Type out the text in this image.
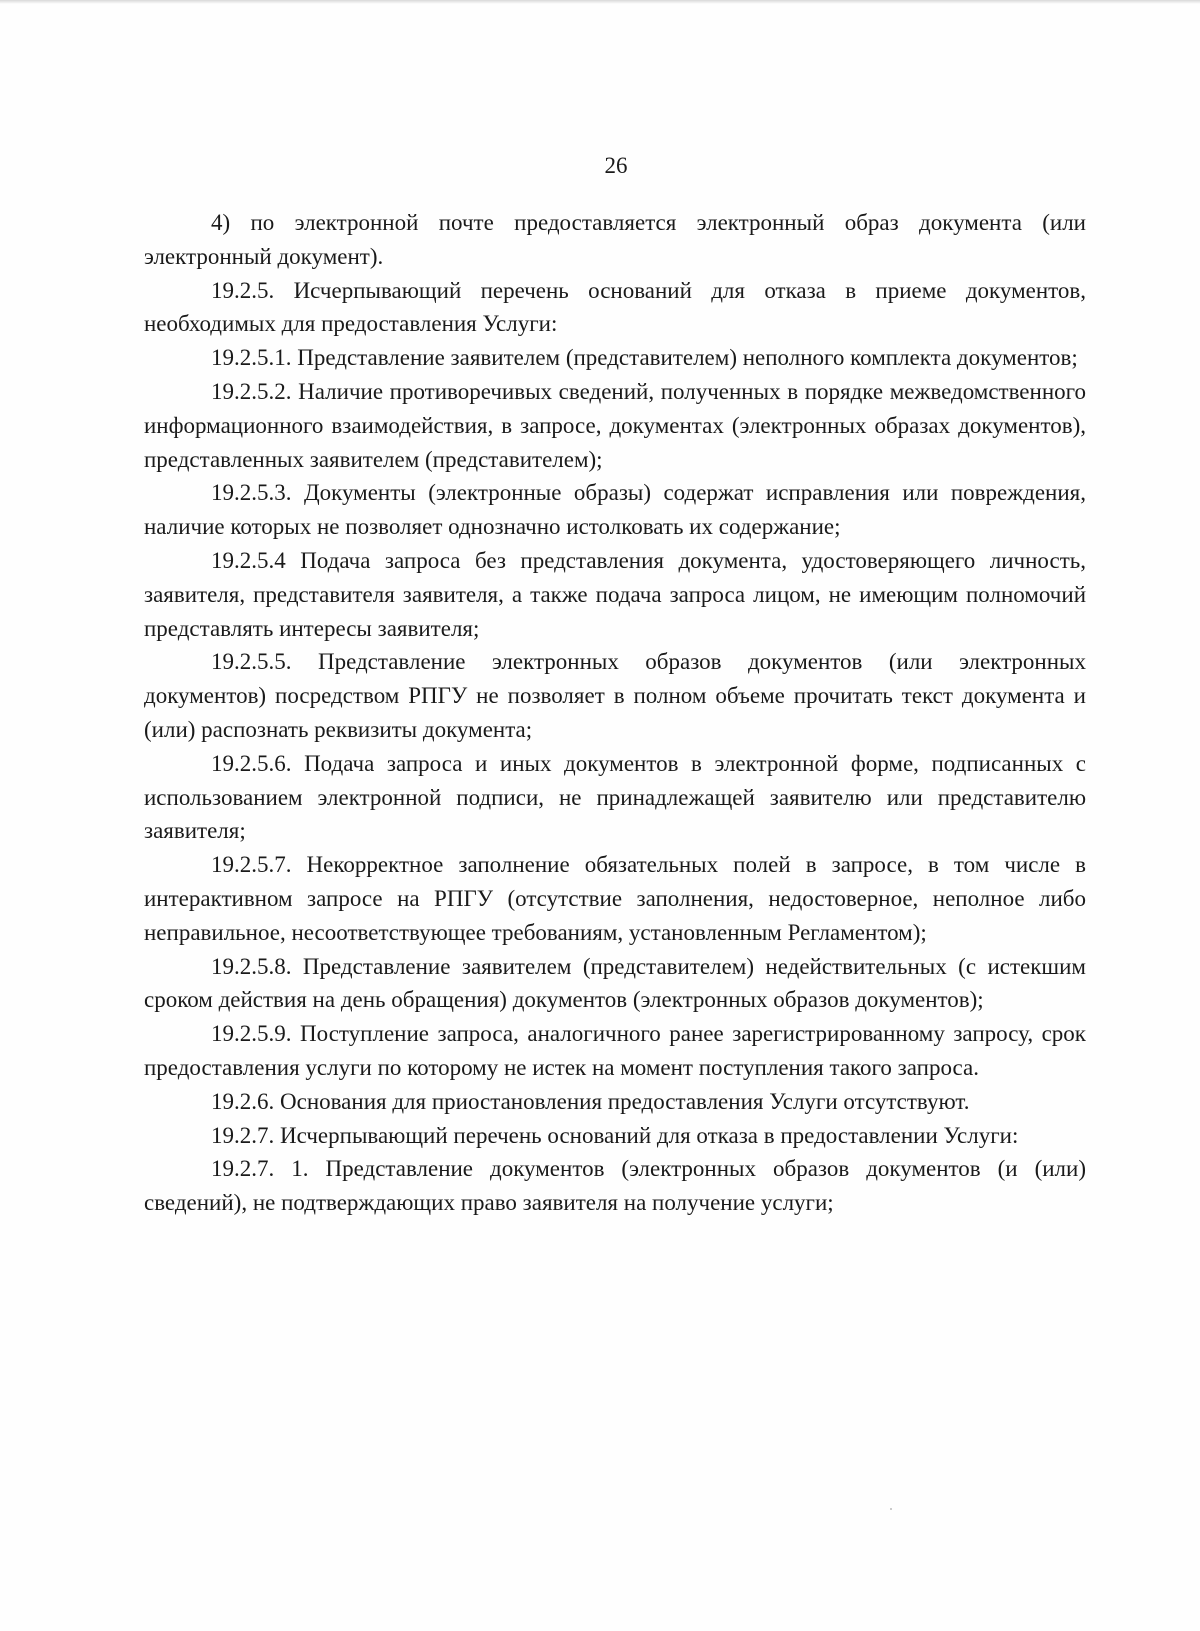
26

4) по электронной почте предоставляется электронный образ документа (или электронный документ).

19.2.5. Исчерпывающий перечень оснований для отказа в приеме документов, необходимых для предоставления Услуги:

19.2.5.1. Представление заявителем (представителем) неполного комплекта документов;

19.2.5.2. Наличие противоречивых сведений, полученных в порядке межведомственного информационного взаимодействия, в запросе, документах (электронных образах документов), представленных заявителем (представителем);

19.2.5.3. Документы (электронные образы) содержат исправления или повреждения, наличие которых не позволяет однозначно истолковать их содержание;

19.2.5.4 Подача запроса без представления документа, удостоверяющего личность, заявителя, представителя заявителя, а также подача запроса лицом, не имеющим полномочий представлять интересы заявителя;

19.2.5.5. Представление электронных образов документов (или электронных документов) посредством РПГУ не позволяет в полном объеме прочитать текст документа и (или) распознать реквизиты документа;

19.2.5.6. Подача запроса и иных документов в электронной форме, подписанных с использованием электронной подписи, не принадлежащей заявителю или представителю заявителя;

19.2.5.7. Некорректное заполнение обязательных полей в запросе, в том числе в интерактивном запросе на РПГУ (отсутствие заполнения, недостоверное, неполное либо неправильное, несоответствующее требованиям, установленным Регламентом);

19.2.5.8. Представление заявителем (представителем) недействительных (с истекшим сроком действия на день обращения) документов (электронных образов документов);

19.2.5.9. Поступление запроса, аналогичного ранее зарегистрированному запросу, срок предоставления услуги по которому не истек на момент поступления такого запроса.

19.2.6. Основания для приостановления предоставления Услуги отсутствуют.

19.2.7. Исчерпывающий перечень оснований для отказа в предоставлении Услуги:

19.2.7. 1. Представление документов (электронных образов документов (и (или) сведений), не подтверждающих право заявителя на получение услуги;
